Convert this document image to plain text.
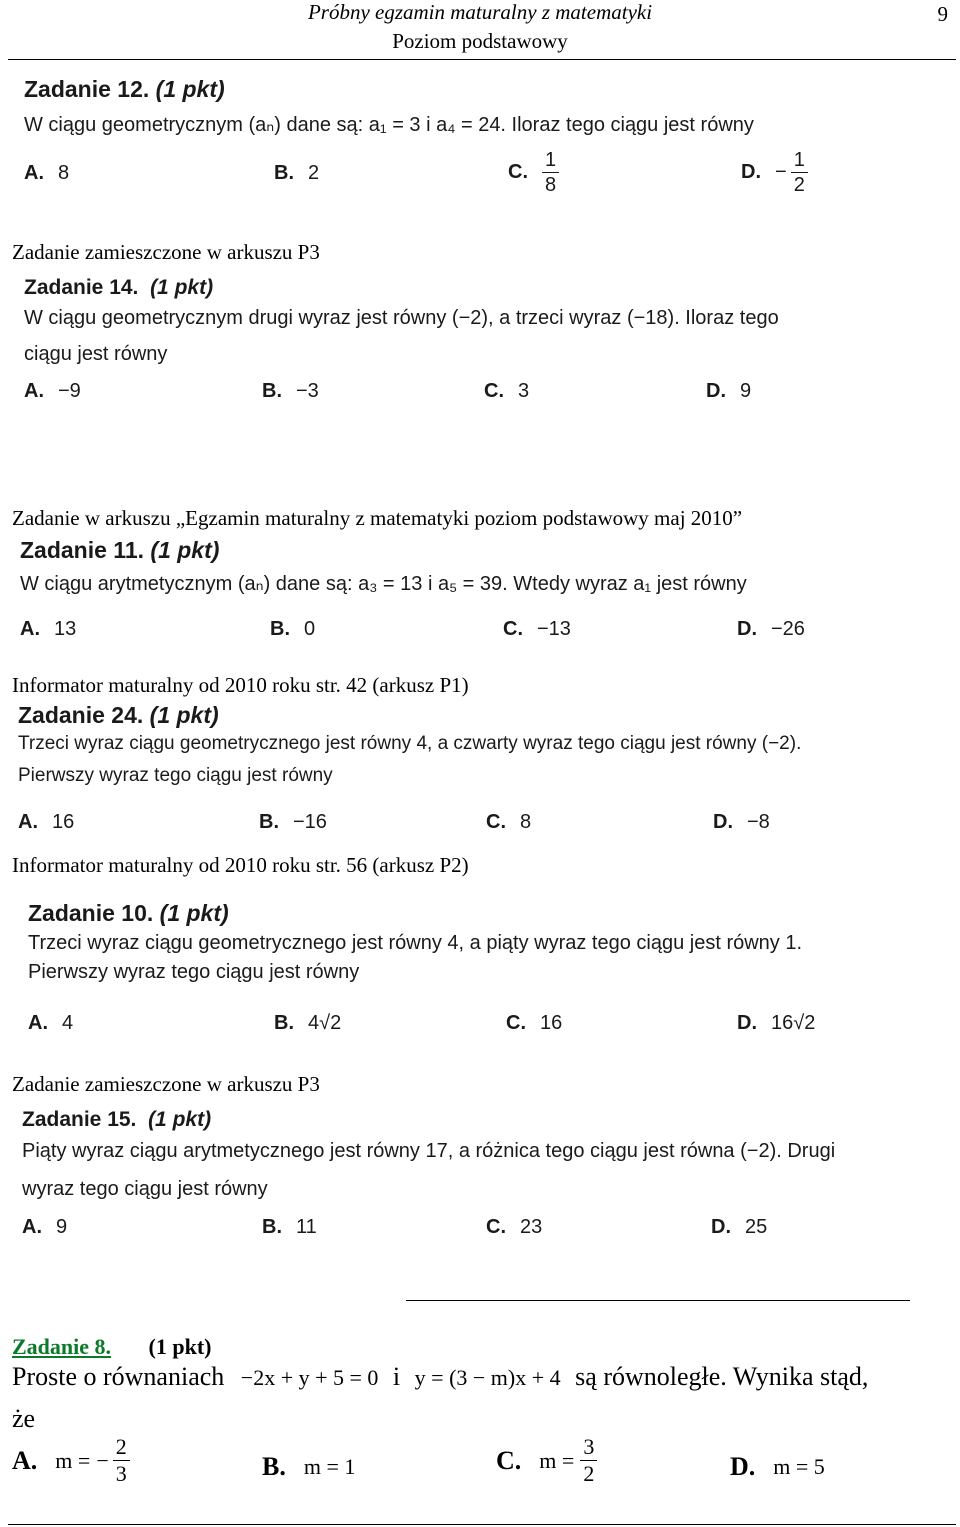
Próbny egzamin maturalny z matematyki
Poziom podstawowy
9
Zadanie 12. (1 pkt)
W ciągu geometrycznym (aₙ) dane są: a₁ = 3 i a₄ = 24. Iloraz tego ciągu jest równy
A. 8	B. 2	C. $\frac{1}{8}$	D. − $\frac{1}{2}$
Zadanie zamieszczone w arkuszu P3
Zadanie 14. (1 pkt)
W ciągu geometrycznym drugi wyraz jest równy (−2), a trzeci wyraz (−18). Iloraz tego
ciągu jest równy
A. −9	B. −3	C. 3	D. 9
Zadanie w arkuszu „Egzamin maturalny z matematyki poziom podstawowy maj 2010”
Zadanie 11. (1 pkt)
W ciągu arytmetycznym (aₙ) dane są: a₃ = 13 i a₅ = 39. Wtedy wyraz a₁ jest równy
A. 13	B. 0	C. −13	D. −26
Informator maturalny od 2010 roku str. 42 (arkusz P1)
Zadanie 24. (1 pkt)
Trzeci wyraz ciągu geometrycznego jest równy 4, a czwarty wyraz tego ciągu jest równy (−2).
Pierwszy wyraz tego ciągu jest równy
A. 16	B. −16	C. 8	D. −8
Informator maturalny od 2010 roku str. 56 (arkusz P2)
Zadanie 10. (1 pkt)
Trzeci wyraz ciągu geometrycznego jest równy 4, a piąty wyraz tego ciągu jest równy 1.
Pierwszy wyraz tego ciągu jest równy
A. 4	B. 4√2	C. 16	D. 16√2
Zadanie zamieszczone w arkuszu P3
Zadanie 15. (1 pkt)
Piąty wyraz ciągu arytmetycznego jest równy 17, a różnica tego ciągu jest równa (−2). Drugi
wyraz tego ciągu jest równy
A. 9	B. 11	C. 23	D. 25
Zadanie 8. (1 pkt)
Proste o równaniach −2x + y + 5 = 0 i y = (3 − m)x + 4 są równoległe. Wynika stąd,
że
A. m = − $\frac{2}{3}$	B. m = 1	C. $m = \frac{3}{2}$	D. m = 5
